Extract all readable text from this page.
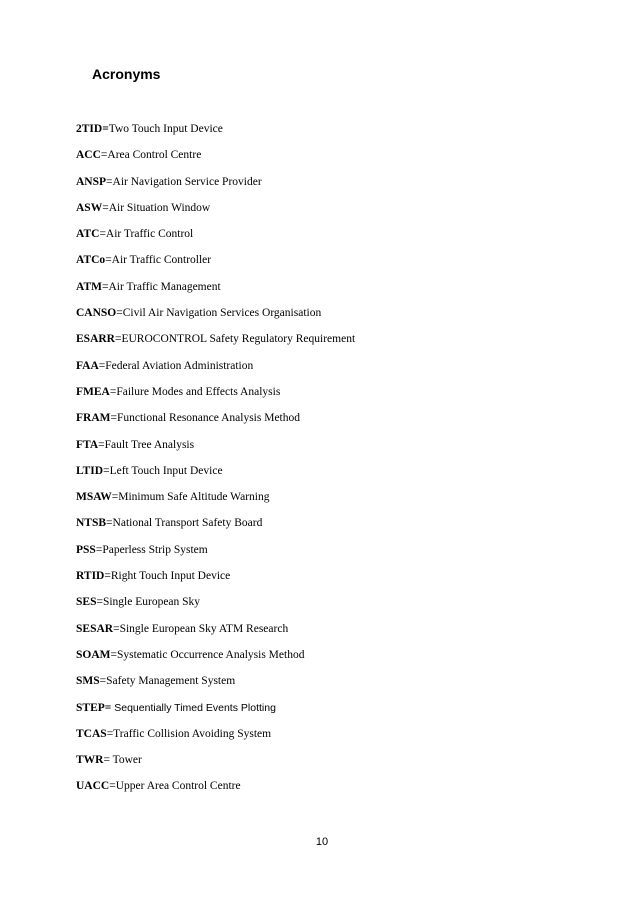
Acronyms
2TID=Two Touch Input Device
ACC=Area Control Centre
ANSP=Air Navigation Service Provider
ASW=Air Situation Window
ATC=Air Traffic Control
ATCo=Air Traffic Controller
ATM=Air Traffic Management
CANSO=Civil Air Navigation Services Organisation
ESARR=EUROCONTROL Safety Regulatory Requirement
FAA=Federal Aviation Administration
FMEA=Failure Modes and Effects Analysis
FRAM=Functional Resonance Analysis Method
FTA=Fault Tree Analysis
LTID=Left Touch Input Device
MSAW=Minimum Safe Altitude Warning
NTSB=National Transport Safety Board
PSS=Paperless Strip System
RTID=Right Touch Input Device
SES=Single European Sky
SESAR=Single European Sky ATM Research
SOAM=Systematic Occurrence Analysis Method
SMS=Safety Management System
STEP= Sequentially Timed Events Plotting
TCAS=Traffic Collision Avoiding System
TWR= Tower
UACC=Upper Area Control Centre
10
